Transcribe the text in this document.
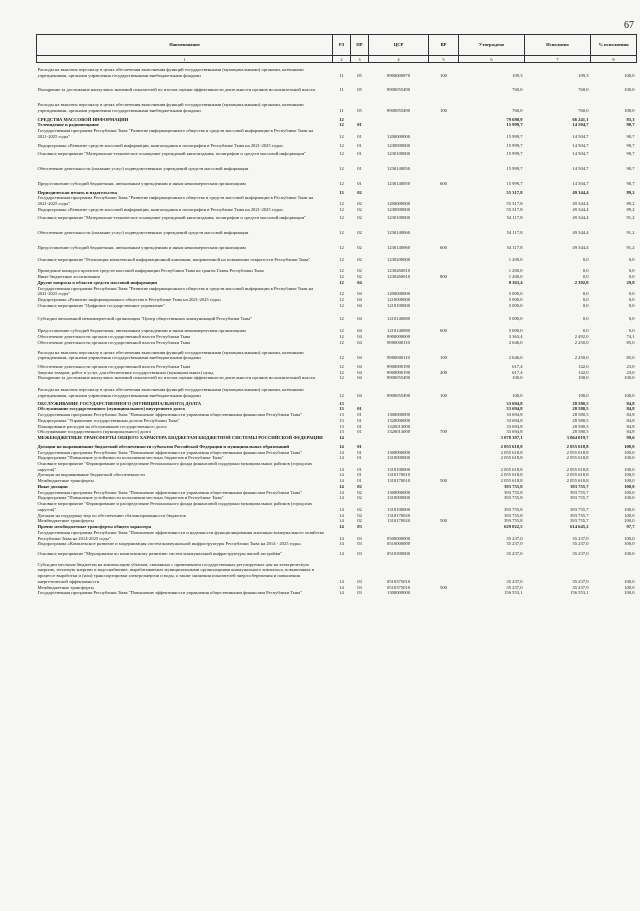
67
Наименование	РЗ	ПР	ЦСР	ВР	Утверждено	Исполнено	% исполнения
1	2	3	4	5	6	7	8
Расходы на выплаты персоналу в целях обеспечения выполнения функций государственными (муниципальными) органами, казенными учреждениями, органами управления государственными внебюджетными фондами	11	05	8900000870	100	109,3	109,3	100,0
Поощрение за достижение наилучших значений показателей по итогам оценки эффективности деятельности органов исполнительной власти	11	05	8900055490		760,0	760,0	100,0
Расходы на выплаты персоналу в целях обеспечения выполнения функций государственными (муниципальными) органами, казенными учреждениями, органами управления государственными внебюджетными фондами	11	05	8900055490	100	760,0	760,0	100,0
СРЕДСТВА МАССОВОЙ ИНФОРМАЦИИ	12				79 680,9	66 241,1	83,3
Телевидение и радиовещание	12	01			15 999,7	14 504,7	90,7
Государственная программа Республики Тыва "Развитие информационного общества и средств массовой информации в Республике Тыва на 2021-2025 годы"	12	01	1200000000		15 999,7	14 504,7	90,7
Подпрограмма «Развитие средств массовой информации, книгоиздания и полиграфии в Республике Тыва на 2021-2025 годы»	12	01	1230000000		15 999,7	14 504,7	90,7
Основное мероприятие "Материально-техническое оснащение учреждений книгоиздания, полиграфии и средств массовой информации"	12	01	1230100000		15 999,7	14 504,7	90,7
Обеспечение деятельности (оказание услуг) подведомственных учреждений средств массовой информации	12	01	1230140050		15 999,7	14 504,7	90,7
Предоставление субсидий бюджетным, автономным учреждениям и иным некоммерческим организациям	12	01	1230140050	600	15 999,7	14 504,7	90,7
Периодическая печать и издательства	12	02			55 317,8	49 344,4	89,2
Государственная программа Республики Тыва "Развитие информационного общества и средств массовой информации в Республике Тыва на 2021-2025 годы"	12	02	1200000000		55 317,8	49 344,4	89,2
Подпрограмма «Развитие средств массовой информации, книгоиздания и полиграфии в Республике Тыва на 2021-2025 годы»	12	02	1230000000		55 317,8	49 344,4	89,2
Основное мероприятие "Материально-техническое оснащение учреждений книгоиздания, полиграфии и средств массовой информации"	12	02	1230100000		54 117,8	49 344,4	91,2
Обеспечение деятельности (оказание услуг) подведомственных учреждений средств массовой информации	12	02	1230140060		54 117,8	49 344,4	91,2
Предоставление субсидий бюджетным, автономным учреждениям и иным некоммерческим организациям	12	02	1230140060	600	54 117,8	49 344,4	91,2
Основное мероприятие "Реализация комплексной информационной кампании, направленной на повышение открытости Республики Тыва"	12	02	1230200000		1 200,0	0,0	0,0
Проведение конкурса проектов средств массовой информации Республики Тыва на гранты Главы Республики Тыва	12	02	1230260010		1 200,0	0,0	0,0
Иные бюджетные ассигнования	12	02	1230260010	800	1 200,0	0,0	0,0
Другие вопросы в области средств массовой информации	12	04			8 363,4	2 392,0	29,8
Государственная программа Республики Тыва "Развитие информационного общества и средств массовой информации в Республике Тыва на 2021-2025 годы"	12	04	1200000000		5 000,0	0,0	0,0
Подпрограмма «Развитие информационного общества в Республике Тыва на 2021-2025 годы»	12	04	1210000000		5 000,0	0,0	0,0
Основное мероприятие "Цифровое государственное управление"	12	04	1210100000		5 000,0	0,0	0,0
Субсидии автономной некоммерческой организации "Центр общественных коммуникаций Республики Тыва"	12	04	1210140080		5 000,0	0,0	0,0
Предоставление субсидий бюджетным, автономным учреждениям и иным некоммерческим организациям	12	04	1210140080	600	5 000,0	0,0	0,0
Обеспечение деятельности органов государственной власти Республики Тыва	12	04	8900000000		3 363,4	2 492,0	74,1
Обеспечение деятельности органов государственной власти Республики Тыва	12	04	8900000110		2 646,0	2 250,0	85,0
Расходы на выплаты персоналу в целях обеспечения выполнения функций государственными (муниципальными) органами, казенными учреждениями, органами управления государственными внебюджетными фондами	12	04	8900000110	100	2 646,0	2 250,0	85,0
Обеспечение деятельности органов государственной власти Республики Тыва	12	04	8900000190		617,4	142,0	23,0
Закупка товаров, работ и услуг для обеспечения государственных (муниципальных) нужд	12	04	8900000190	200	617,4	142,0	23,0
Поощрение за достижение наилучших значений показателей по итогам оценки эффективности деятельности органов исполнительной власти	12	04	8900055490		100,0	100,0	100,0
Расходы на выплаты персоналу в целях обеспечения выполнения функций государственными (муниципальными) органами, казенными учреждениями, органами управления государственными внебюджетными фондами	12	04	8900055490	100	100,0	100,0	100,0
ОБСЛУЖИВАНИЕ ГОСУДАРСТВЕННОГО (МУНИЦИПАЛЬНОГО) ДОЛГА	13				33 694,8	28 580,5	84,8
Обслуживание государственного (муниципального) внутреннего долга	13	01			33 694,8	28 580,5	84,8
Государственная программа Республики Тыва "Повышение эффективности управления общественными финансами Республики Тыва"	13	01	1300000000		33 694,8	28 580,5	84,8
Подпрограмма "Управление государственным долгом Республики Тыва"	13	01	1320000000		33 694,8	28 580,5	84,8
Планирование расходов на обслуживание государственного долга	13	01	1320013000		33 694,8	28 580,5	84,8
Обслуживание государственного (муниципального) долга	13	01	1320013000	700	33 694,8	28 580,5	84,8
МЕЖБЮДЖЕТНЫЕ ТРАНСФЕРТЫ ОБЩЕГО ХАРАКТЕРА БЮДЖЕТАМ БЮДЖЕТНОЙ СИСТЕМЫ РОССИЙСКОЙ ФЕДЕРАЦИИ	14				3 078 397,1	3 064 019,7	99,6
Дотации на выравнивание бюджетной обеспеченности субъектов Российской Федерации и муниципальных образований	14	01			2 055 618,8	2 055 618,8	100,0
Государственная программа Республики Тыва "Повышение эффективности управления общественными финансами Республики Тыва"	14	01	1300000000		2 055 618,8	2 055 618,8	100,0
Подпрограмма "Повышение устойчивости исполнения местных бюджетов в Республике Тыва"	14	01	1310000000		2 055 618,8	2 055 618,8	100,0
Основное мероприятие "Формирование и распределение Регионального фонда финансовой поддержки муниципальных районов (городских округов)"	14	01	1310100000		2 055 618,8	2 055 618,8	100,0
Дотации на выравнивание бюджетной обеспеченности	14	01	1310170010		2 055 618,8	2 055 618,8	100,0
Межбюджетные трансферты	14	01	1310170010	500	2 055 618,8	2 055 618,8	100,0
Иные дотации	14	02			393 755,8	393 755,7	100,0
Государственная программа Республики Тыва "Повышение эффективности управления общественными финансами Республики Тыва"	14	02	1300000000		393 755,8	393 755,7	100,0
Подпрограмма "Повышение устойчивости исполнения местных бюджетов в Республике Тыва"	14	02	1310000000		393 755,8	393 755,7	100,0
Основное мероприятие "Формирование и распределение Регионального фонда финансовой поддержки муниципальных районов (городских округов)"	14	02	1310100000		393 755,8	393 755,7	100,0
Дотации на поддержку мер по обеспечению сбалансированности бюджетов	14	02	1310170020		393 755,8	393 755,7	100,0
Межбюджетные трансферты	14	02	1310170020	500	393 755,8	393 755,7	100,0
Прочие межбюджетные трансферты общего характера	14	03			629 022,5	614 645,2	97,7
Государственная программа Республики Тыва "Повышение эффективности и надежности функционирования жилищно-коммунального хозяйства Республики Тыва на 2014-2025 годы"	14	03	0500000000		35 237,0	35 237,0	100,0
Подпрограмма «Комплексное развитие и модернизация систем коммунальной инфраструктуры Республики Тыва на 2014 - 2025 годы»	14	03	0510000000		35 237,0	35 237,0	100,0
Основное мероприятие "Мероприятия по комплексному развитию систем коммунальной инфраструктуры жилой застройки"	14	03	0510300000		35 237,0	35 237,0	100,0
Субсидии местным бюджетам на компенсацию убытков, связанных с применением государственных регулируемых цен на электрическую энергию, тепловую энергию и водоснабжение, вырабатываемых муниципальными организациями коммунального комплекса, повышенных в процессе выработки и (или) транспортировки электроэнергии и воды, а также снижения показателей энергосбережения и повышения энергетической эффективности	14	03	0510375010		35 237,0	35 237,0	100,0
Межбюджетные трансферты	14	03	0510375010	500	35 237,0	35 237,0	100,0
Государственная программа Республики Тыва "Повышение эффективности управления общественными финансами Республики Тыва"	14	03	1300000000		156 553,1	156 553,1	100,0
